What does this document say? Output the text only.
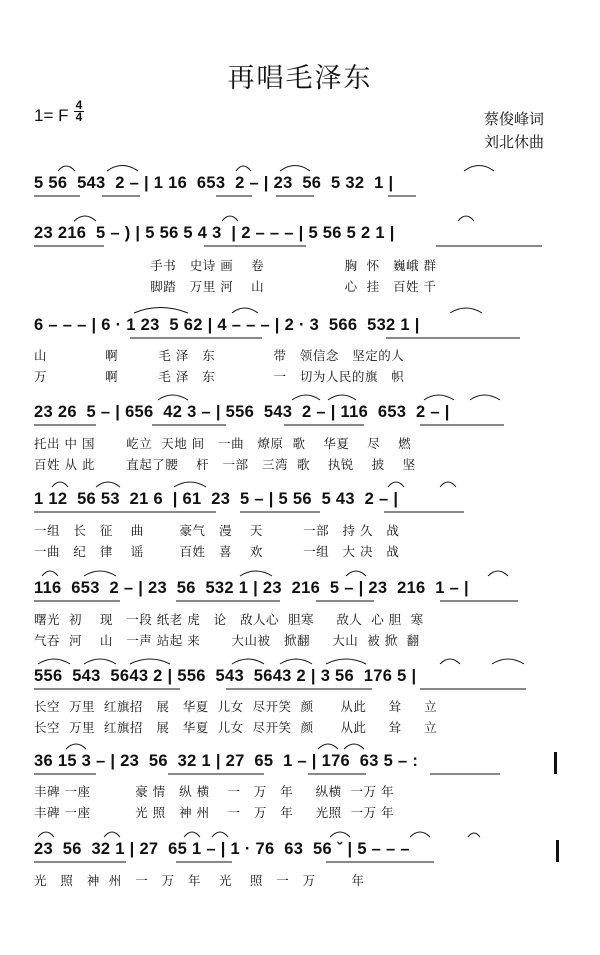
再唱毛泽东
1= F
4
4	蔡俊峰词
刘北休曲
5 56  543  2 – | 1 16  653  2 – | 23  56  5 32  1 |
23 216  5 – ) | 5 56 5 4 3  | 2 – – – | 5 56 5 2 1 |
手书   史诗 画    卷                  胸  怀   巍峨 群
脚踏   万里 河    山                  心  挂   百姓 千
6 – – – | 6 · 1 23  5 62 | 4 – – – | 2 · 3  566  532 1 |
山             啊         毛 泽   东             带   领信念   坚定的人
万             啊         毛 泽   东             一   切为人民的旗   帜
23 26  5 – | 656  42 3 – | 556  543  2 – | 116  653  2 – |
托出 中 国       屹立  天地 间   一曲   燎原  歌    华夏    尽    燃
百姓 从 此       直起了腰    杆   一部   三湾  歌    执锐    披    坚
1 12  56 53  21 6  | 61  23  5 – | 5 56  5 43  2 – |
一组   长   征    曲        豪气   漫    天         一部   持 久   战
一曲   纪   律    谣        百姓   喜    欢         一组   大 决   战
116  653  2 – | 23  56  532 1 | 23  216  5 – | 23  216  1 – |
曙光  初    现   一段 纸老 虎   论   敌人心  胆寒     敌人  心 胆  寒
气吞  河    山   一声 站起 来       大山被   掀翻     大山  被 掀  翻
556  543  5643 2 | 556  543  5643 2 | 3 56  176 5 |
长空  万里  红旗招   展   华夏  儿女  尽开笑  颜      从此     耸     立
长空  万里  红旗招   展   华夏  儿女  尽开笑  颜      从此     耸     立
36 15 3 – | 23  56  32 1 | 27  65  1 – | 176  63 5 – :
丰碑 一座          豪 情   纵 横    一   万   年     纵横  一万 年
丰碑 一座          光 照   神 州    一   万   年     光照  一万 年
23  56  32 1 | 27  65 1 – | 1 · 76  63  56 ˇ | 5 – – –
光   照   神  州   一   万   年    光    照   一   万        年
